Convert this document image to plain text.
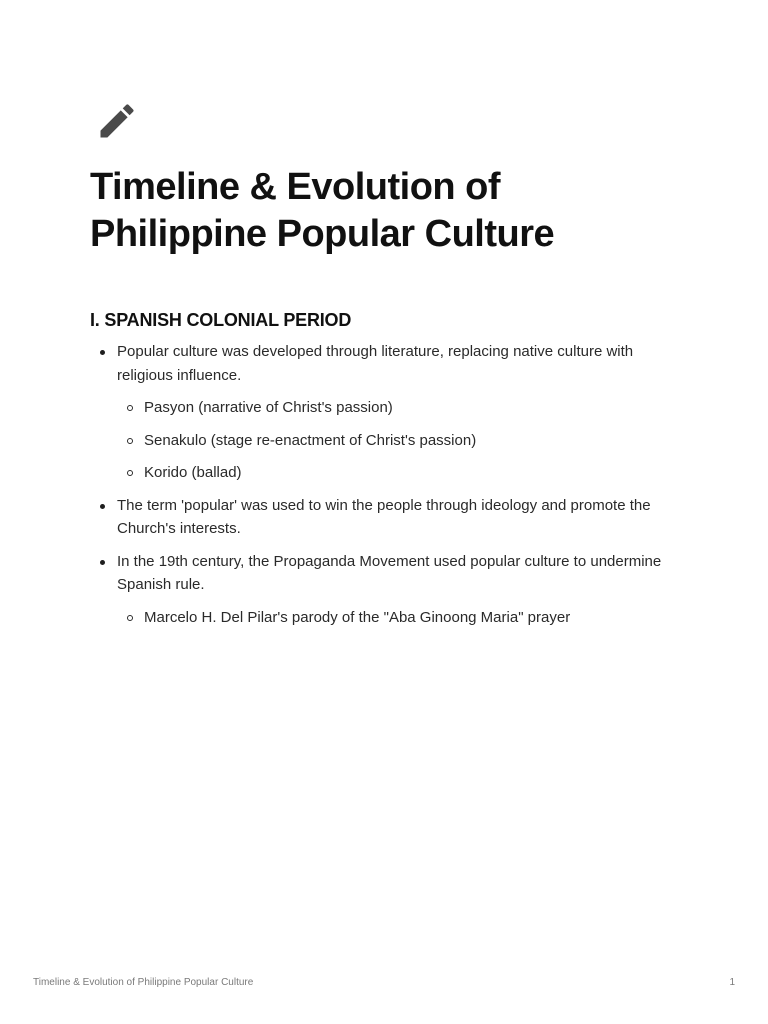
Timeline & Evolution of
Philippine Popular Culture
I. SPANISH COLONIAL PERIOD
Popular culture was developed through literature, replacing native culture with religious influence.
Pasyon (narrative of Christ's passion)
Senakulo (stage re-enactment of Christ's passion)
Korido (ballad)
The term 'popular' was used to win the people through ideology and promote the Church's interests.
In the 19th century, the Propaganda Movement used popular culture to undermine Spanish rule.
Marcelo H. Del Pilar's parody of the "Aba Ginoong Maria" prayer
Timeline & Evolution of Philippine Popular Culture	1
